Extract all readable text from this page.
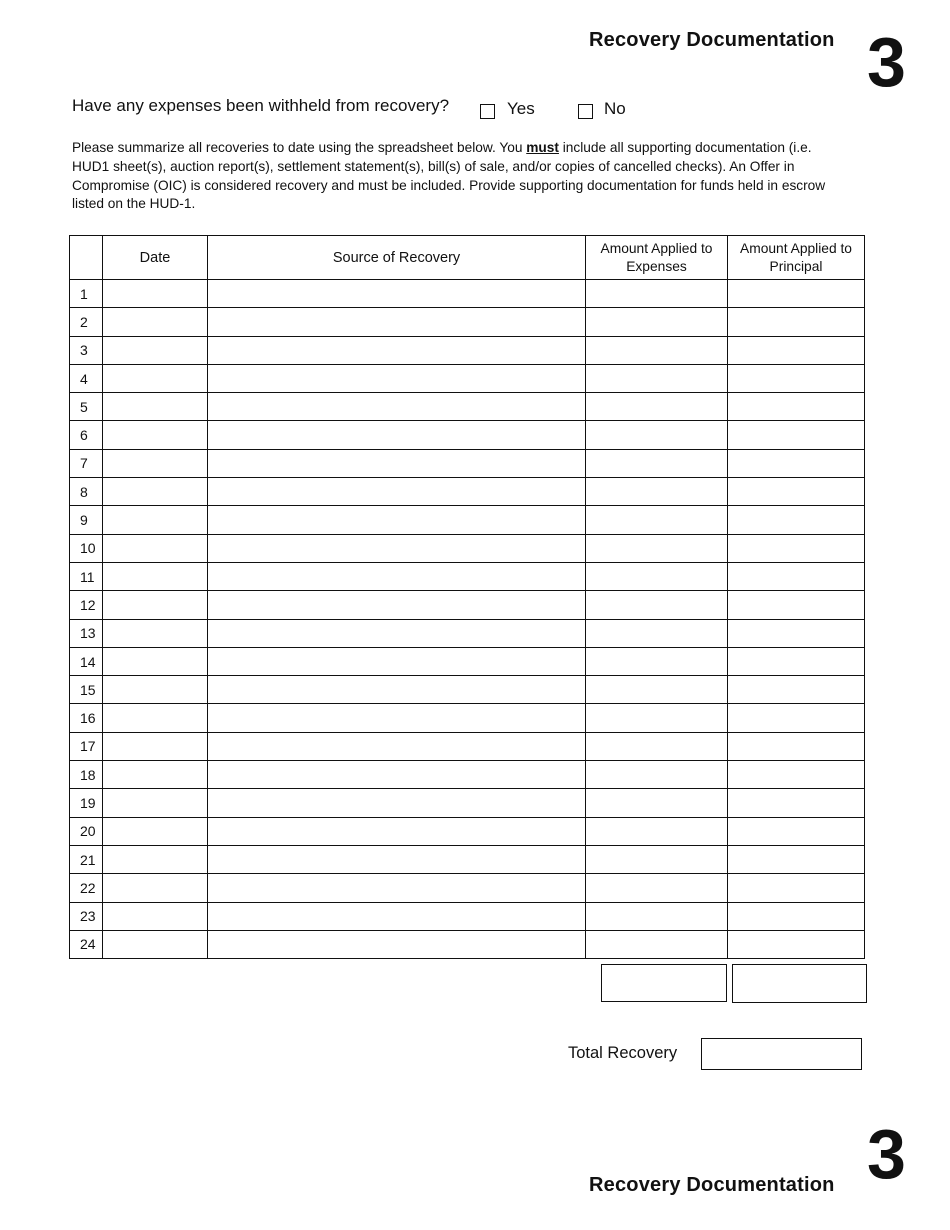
Recovery Documentation 3
Have any expenses been withheld from recovery?	Yes	No
Please summarize all recoveries to date using the spreadsheet below. You must include all supporting documentation (i.e. HUD1 sheet(s), auction report(s), settlement statement(s), bill(s) of sale, and/or copies of cancelled checks). An Offer in Compromise (OIC) is considered recovery and must be included. Provide supporting documentation for funds held in escrow listed on the HUD-1.
	Date	Source of Recovery	Amount Applied to Expenses	Amount Applied to Principal
1				
2				
3				
4				
5				
6				
7				
8				
9				
10				
11				
12				
13				
14				
15				
16				
17				
18				
19				
20				
21				
22				
23				
24				
Total Recovery
3
Recovery Documentation
